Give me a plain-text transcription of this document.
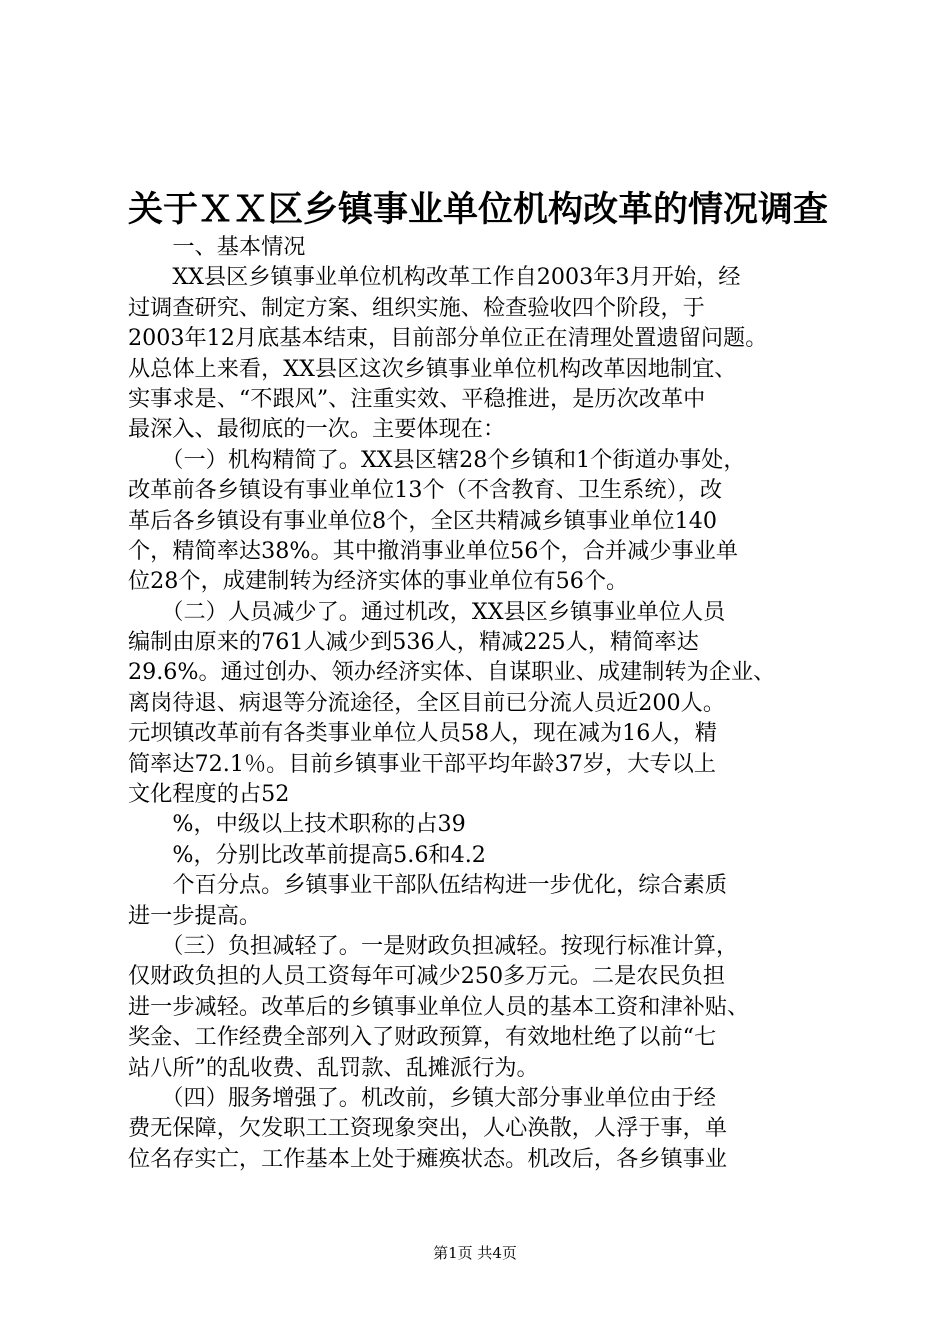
关于ＸＸ区乡镇事业单位机构改革的情况调查
　　一、基本情况
　　XX县区乡镇事业单位机构改革工作自2003年3月开始，经
过调查研究、制定方案、组织实施、检查验收四个阶段，于
2003年12月底基本结束，目前部分单位正在清理处置遗留问题。
从总体上来看，XX县区这次乡镇事业单位机构改革因地制宜、
实事求是、“不跟风”、注重实效、平稳推进，是历次改革中
最深入、最彻底的一次。主要体现在：
　　（一）机构精简了。XX县区辖28个乡镇和1个街道办事处，
改革前各乡镇设有事业单位13个（不含教育、卫生系统），改
革后各乡镇设有事业单位8个，全区共精减乡镇事业单位140
个，精简率达38%。其中撤消事业单位56个，合并减少事业单
位28个，成建制转为经济实体的事业单位有56个。
　　（二）人员减少了。通过机改，XX县区乡镇事业单位人员
编制由原来的761人减少到536人，精减225人，精简率达
29.6%。通过创办、领办经济实体、自谋职业、成建制转为企业、
离岗待退、病退等分流途径，全区目前已分流人员近200人。
元坝镇改革前有各类事业单位人员58人，现在减为16人，精
简率达72.1％。目前乡镇事业干部平均年龄37岁，大专以上
文化程度的占52
　　%，中级以上技术职称的占39
　　%，分别比改革前提高5.6和4.2
　　个百分点。乡镇事业干部队伍结构进一步优化，综合素质
进一步提高。
　　（三）负担减轻了。一是财政负担减轻。按现行标准计算，
仅财政负担的人员工资每年可减少250多万元。二是农民负担
进一步减轻。改革后的乡镇事业单位人员的基本工资和津补贴、
奖金、工作经费全部列入了财政预算，有效地杜绝了以前“七
站八所”的乱收费、乱罚款、乱摊派行为。
　　（四）服务增强了。机改前，乡镇大部分事业单位由于经
费无保障，欠发职工工资现象突出，人心涣散，人浮于事，单
位名存实亡，工作基本上处于瘫痪状态。机改后，各乡镇事业
第1页 共4页
